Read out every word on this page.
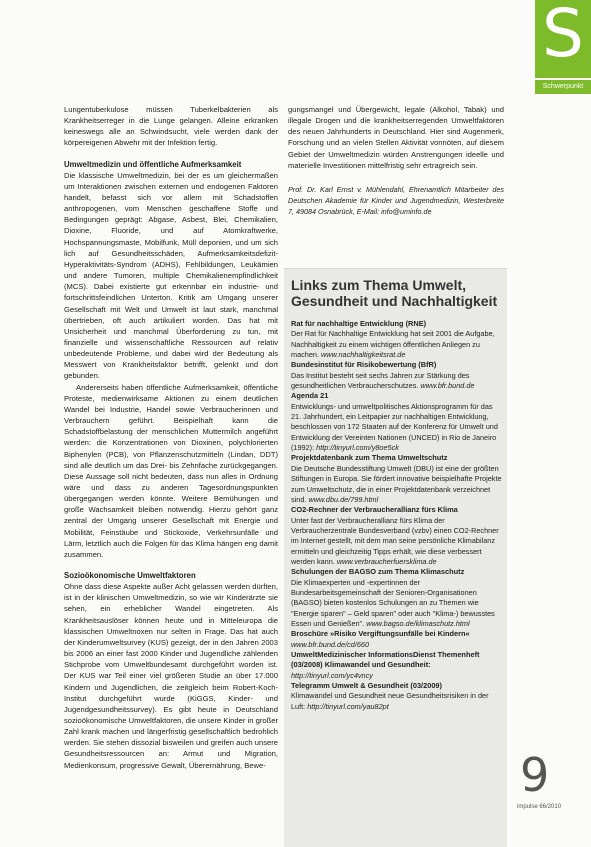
S
Schwerpunkt

Lungentuberkulose müssen Tuberkelbakterien als Krankheitserreger in die Lunge gelangen. Alleine erkranken keineswegs alle an Schwindsucht, viele werden dank der körpereigenen Abwehr mit der Infektion fertig.

Umweltmedizin und öffentliche Aufmerksamkeit

Die klassische Umweltmedizin, bei der es um gleichermaßen um Interaktionen zwischen externen und endogenen Faktoren handelt, befasst sich vor allem mit Schadstoffen anthropogenen, vom Menschen geschaffene Stoffe und Bedingungen geprägt: Abgase, Asbest, Blei, Chemikalien, Dioxine, Fluoride, und auf Atomkraftwerke, Hochspannungsmaste, Mobilfunk, Müll deponien, und um sich lich auf Gesundheitsschäden, Aufmerksamkeitsdefizit-Hyperaktivitäts-Syndrom (ADHS), Fehlbildungen, Leukämien und andere Tumoren, multiple Chemikalienempfindlichkeit (MCS). Dabei existierte gut erkennbar ein industrie- und fortschrittsfeindlichen Unterton. Kritik am Umgang unserer Gesellschaft mit Welt und Umwelt ist laut stark, manchmal übertrieben, oft auch artikuliert worden. Das hat mit Unsicherheit und manchmal Überforderung zu tun, mit finanzielle und wissenschaftliche Ressourcen auf relativ unbedeutende Probleme, und dabei wird der Bedeutung als Messwert von Krankheitsfaktor betrifft, gelenkt und dort gebunden.

Andererseits haben öffentliche Aufmerksamkeit, öffentliche Proteste, medienwirksame Aktionen zu einem deutlichen Wandel bei Industrie, Handel sowie Verbraucherinnen und Verbrauchern geführt. Beispielhaft kann die Schadstoffbelastung der menschlichen Muttermilch angeführt werden: die Konzentrationen von Dioxinen, polychlorierten Biphenylen (PCB), von Pflanzenschutzmitteln (Lindan, DDT) sind alle deutlich um das Drei- bis Zehnfache zurückgegangen. Diese Aussage soll nicht bedeuten, dass nun alles in Ordnung wäre und dass zu anderen Tagesordnungspunkten übergegangen werden könnte. Weitere Bemühungen und große Wachsamkeit bleiben notwendig. Hierzu gehört ganz zentral der Umgang unserer Gesellschaft mit Energie und Mobilität, Feinstäube und Stickoxide, Verkehrsunfälle und Lärm, letztlich auch die Folgen für das Klima hängen eng damit zusammen.

Sozioökonomische Umweltfaktoren

Ohne dass diese Aspekte außer Acht gelassen werden dürften, ist in der klinischen Umweltmedizin, so wie wir Kinderärzte sie sehen, ein erheblicher Wandel eingetreten. Als Krankheitsauslöser können heute und in Mitteleuropa die klassischen Umweltnoxen nur selten in Frage. Das hat auch der Kinderumweltsurvey (KUS) gezeigt, der in den Jahren 2003 bis 2006 an einer fast 2000 Kinder und Jugendliche zählenden Stichprobe vom Umweltbundesamt durchgeführt worden ist. Der KUS war Teil einer viel größeren Studie an über 17.000 Kindern und Jugendlichen, die zeitgleich beim Robert-Koch-Institut durchgeführt wurde (KiGGS, Kinder- und Jugendgesundheitssurvey). Es gibt heute in Deutschland sozioökonomische Umweltfaktoren, die unsere Kinder in großer Zahl krank machen und längerfristig gesellschaftlich bedrohlich werden. Sie stehen dissozial bisweilen und greifen auch unsere Gesundheitsressourcen an: Armut und Migration, Medienkonsum, progressive Gewalt, Überernährung, Bewe-

gungsmangel und Übergewicht, legale (Alkohol, Tabak) und illegale Drogen und die krankheitserregenden Umweltfaktoren des neuen Jahrhunderts in Deutschland. Hier sind Augenmerk, Forschung und an vielen Stellen Aktivität vonnöten, auf diesem Gebiet der Umweltmedizin würden Anstrengungen ideelle und materielle Investitionen mittelfristig sehr ertragreich sein.

Prof. Dr. Karl Ernst v. Mühlendahl, Ehrenamtlich Mitarbeiter des Deutschen Akademie für Kinder und Jugendmedizin, Westerbreite 7, 49084 Osnabrück, E-Mail: info@uminfo.de

Links zum Thema Umwelt, Gesundheit und Nachhaltigkeit
Rat für nachhaltige Entwicklung (RNE)

Der Rat für Nachhaltige Entwicklung hat seit 2001 die Aufgabe, Nachhaltigkeit zu einem wichtigen öffentlichen Anliegen zu machen. www.nachhaltigkeitsrat.de

Bundesinstitut für Risikobewertung (BfR)

Das Institut besteht seit sechs Jahren zur Stärkung des gesundheitlichen Verbraucherschutzes. www.bfr.bund.de

Agenda 21

Entwicklungs- und umweltpolitisches Aktionsprogramm für das 21. Jahrhundert, ein Leitpapier zur nachhaltigen Entwicklung, beschlossen von 172 Staaten auf der Konferenz für Umwelt und Entwicklung der Vereinten Nationen (UNCED) in Rio de Janeiro (1992): http://tinyurl.com/y8oe5ck

Projektdatenbank zum Thema Umweltschutz

Die Deutsche Bundesstiftung Umwelt (DBU) ist eine der größten Stiftungen in Europa. Sie fördert innovative beispielhafte Projekte zum Umweltschutz, die in einer Projektdatenbank verzeichnet sind. www.dbu.de/799.html

CO2-Rechner der Verbraucherallianz fürs Klima

Unter fast der Verbraucherallianz fürs Klima der Verbraucherzentrale Bundesverband (vzbv) einen CO2-Rechner im Internet gestellt, mit dem man seine persönliche Klimabilanz ermitteln und gleichzeitig Tipps erhält, wie diese verbessert werden kann. www.verbraucherfuersklima.de

Schulungen der BAGSO zum Thema Klimaschutz

Die Klimaexperten und -expertinnen der Bundesarbeitsgemeinschaft der Senioren-Organisationen (BAGSO) bieten kostenlos Schulungen an zu Themen wie "Energie sparen" – Geld sparen" oder auch "Klima-) bewusstes Essen und Genießen". www.bagso.de/klimaschutz.html

Broschüre »Risiko Vergiftungsunfälle bei Kindern«

www.bfr.bund.de/cd/660

UmweltMedizinischer InformationsDienst Themenheft (03/2008) Klimawandel und Gesundheit:

http://tinyurl.com/yc4vncy

Telegramm Umwelt & Gesundheit (03/2009)

Klimawandel und Gesundheit neue Gesundheitsrisiken in der Luft: http://tinyurl.com/yau82pt

9
impulse 66/2010
